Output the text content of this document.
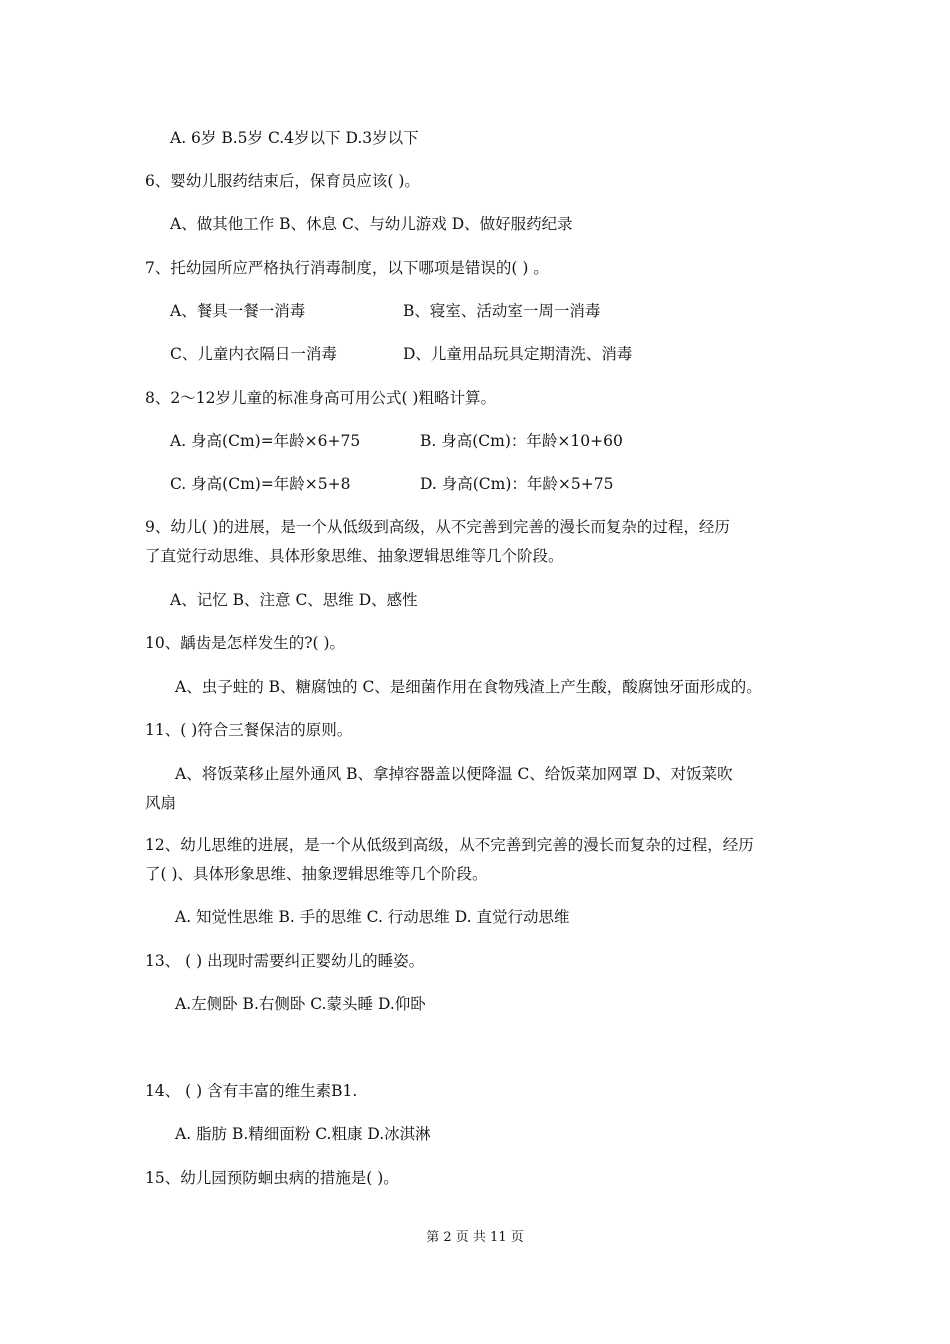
A. 6岁 B.5岁 C.4岁以下 D.3岁以下
6、婴幼儿服药结束后，保育员应该( )。
A、做其他工作 B、休息 C、与幼儿游戏 D、做好服药纪录
7、托幼园所应严格执行消毒制度，以下哪项是错误的( ) 。
A、餐具一餐一消毒	B、寝室、活动室一周一消毒
C、儿童内衣隔日一消毒	D、儿童用品玩具定期清洗、消毒
8、2～12岁儿童的标准身高可用公式( )粗略计算。
A. 身高(Cm)=年龄×6+75	B. 身高(Cm)：年龄×10+60
C. 身高(Cm)=年龄×5+8	D. 身高(Cm)：年龄×5+75
9、幼儿( )的进展，是一个从低级到高级，从不完善到完善的漫长而复杂的过程，经历
了直觉行动思维、具体形象思维、抽象逻辑思维等几个阶段。
A、记忆 B、注意 C、思维 D、感性
10、龋齿是怎样发生的?( )。
A、虫子蛀的 B、糖腐蚀的 C、是细菌作用在食物残渣上产生酸，酸腐蚀牙面形成的。
11、( )符合三餐保洁的原则。
A、将饭菜移止屋外通风 B、拿掉容器盖以便降温 C、给饭菜加网罩 D、对饭菜吹
风扇
12、幼儿思维的进展，是一个从低级到高级，从不完善到完善的漫长而复杂的过程，经历
了( )、具体形象思维、抽象逻辑思维等几个阶段。
A. 知觉性思维 B. 手的思维 C. 行动思维 D. 直觉行动思维
13、 ( ) 出现时需要纠正婴幼儿的睡姿。
A.左侧卧 B.右侧卧 C.蒙头睡 D.仰卧
14、 ( ) 含有丰富的维生素B1.
A. 脂肪 B.精细面粉 C.粗康 D.冰淇淋
15、幼儿园预防蛔虫病的措施是( )。
第 2 页 共 11 页
